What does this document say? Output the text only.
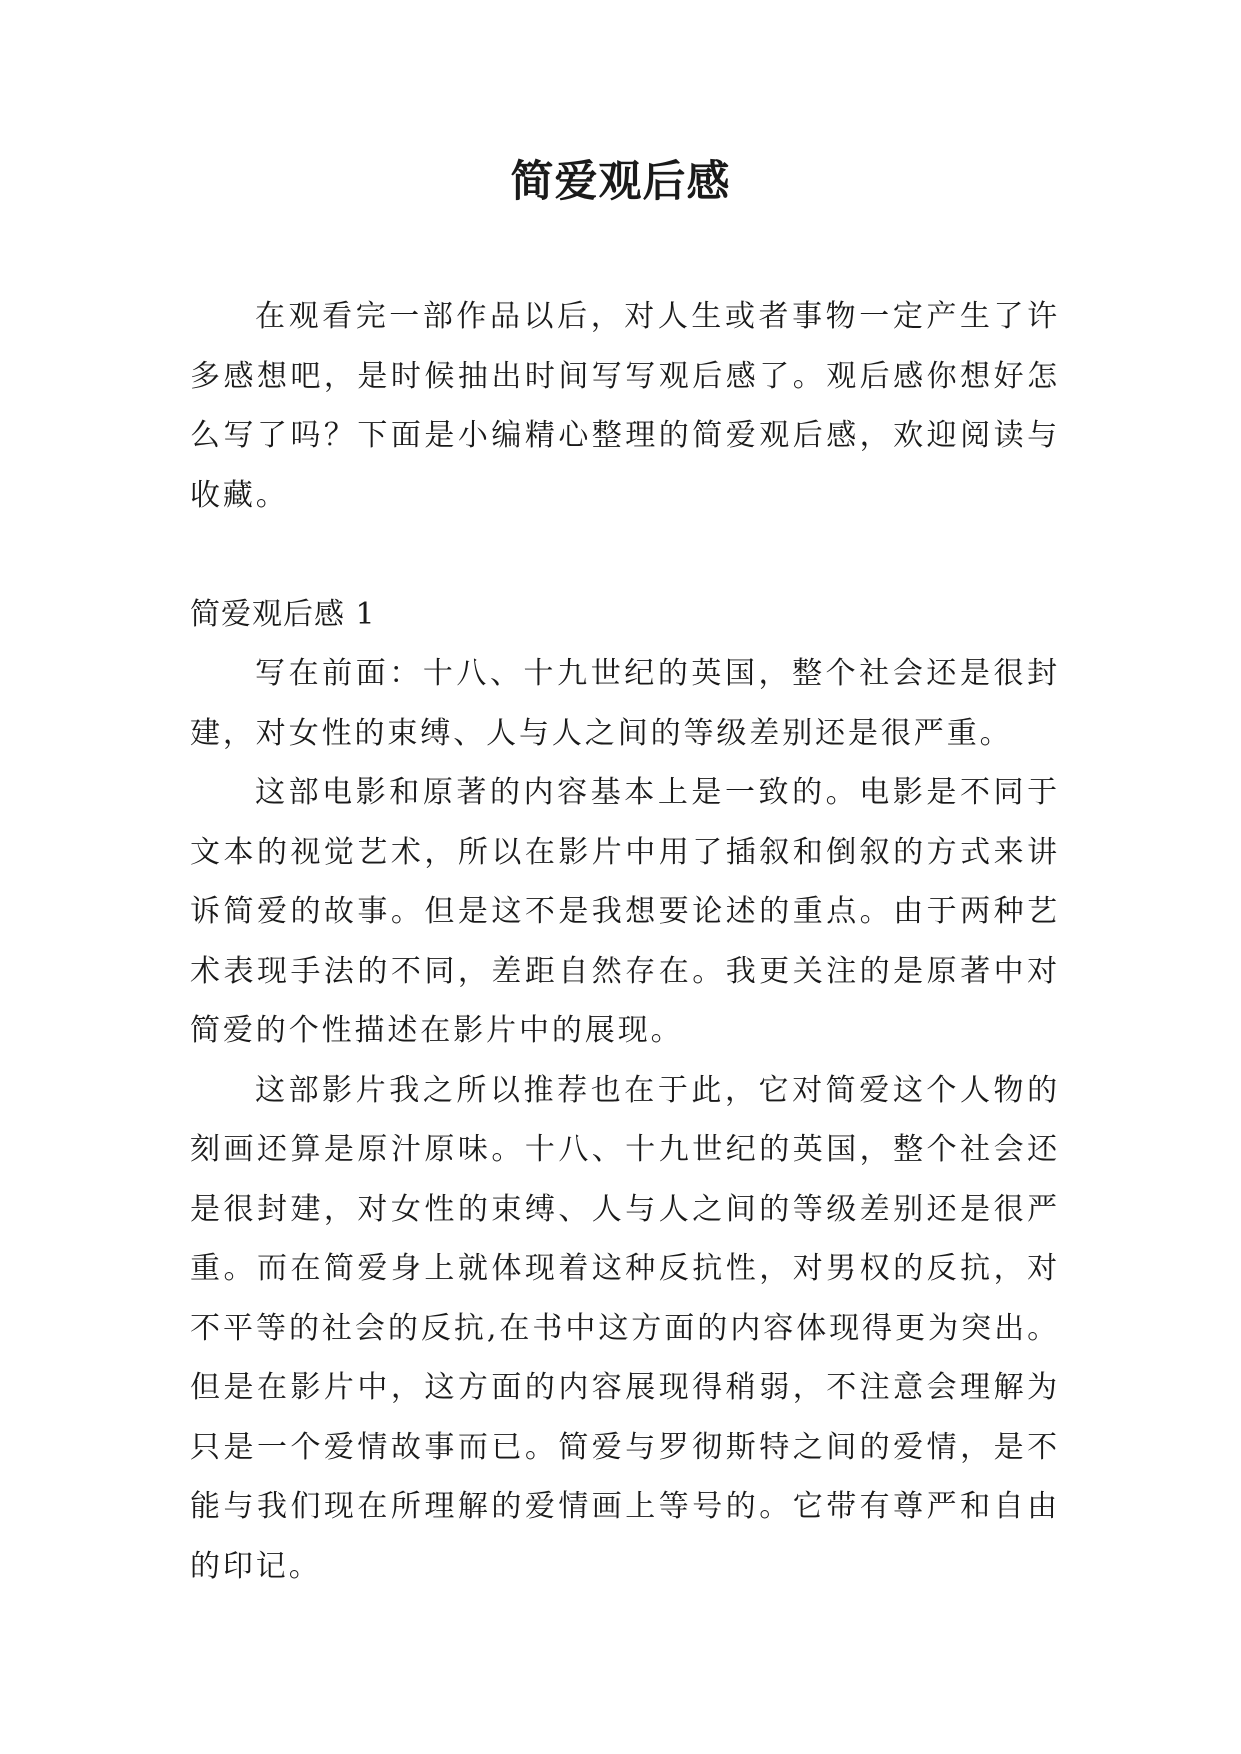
简爱观后感

在观看完一部作品以后，对人生或者事物一定产生了许多感想吧，是时候抽出时间写写观后感了。观后感你想好怎么写了吗？下面是小编精心整理的简爱观后感，欢迎阅读与收藏。

简爱观后感 1

写在前面：十八、十九世纪的英国，整个社会还是很封建，对女性的束缚、人与人之间的等级差别还是很严重。

这部电影和原著的内容基本上是一致的。电影是不同于文本的视觉艺术，所以在影片中用了插叙和倒叙的方式来讲诉简爱的故事。但是这不是我想要论述的重点。由于两种艺术表现手法的不同，差距自然存在。我更关注的是原著中对简爱的个性描述在影片中的展现。

这部影片我之所以推荐也在于此，它对简爱这个人物的刻画还算是原汁原味。十八、十九世纪的英国，整个社会还是很封建，对女性的束缚、人与人之间的等级差别还是很严重。而在简爱身上就体现着这种反抗性，对男权的反抗，对不平等的社会的反抗,在书中这方面的内容体现得更为突出。但是在影片中，这方面的内容展现得稍弱，不注意会理解为只是一个爱情故事而已。简爱与罗彻斯特之间的爱情，是不能与我们现在所理解的爱情画上等号的。它带有尊严和自由的印记。
